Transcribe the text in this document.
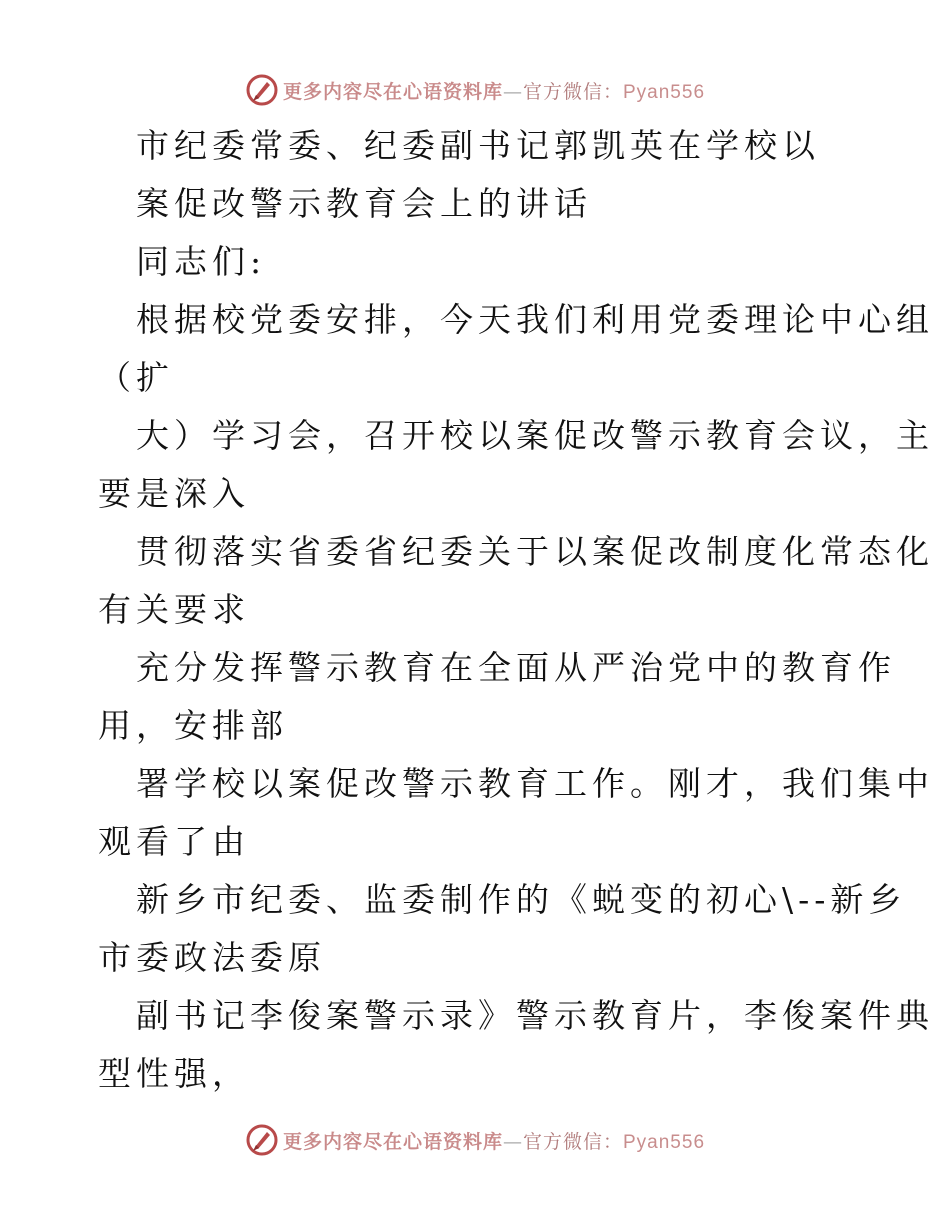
更多内容尽在心语资料库—官方微信：Pyan556
市纪委常委、纪委副书记郭凯英在学校以
案促改警示教育会上的讲话
同志们:
根据校党委安排，今天我们利用党委理论中心组
（扩
大）学习会，召开校以案促改警示教育会议，主
要是深入
贯彻落实省委省纪委关于以案促改制度化常态化
有关要求
充分发挥警示教育在全面从严治党中的教育作
用，安排部
署学校以案促改警示教育工作。刚才，我们集中
观看了由
新乡市纪委、监委制作的《蜕变的初心\--新乡
市委政法委原
副书记李俊案警示录》警示教育片，李俊案件典
型性强，
更多内容尽在心语资料库—官方微信：Pyan556
